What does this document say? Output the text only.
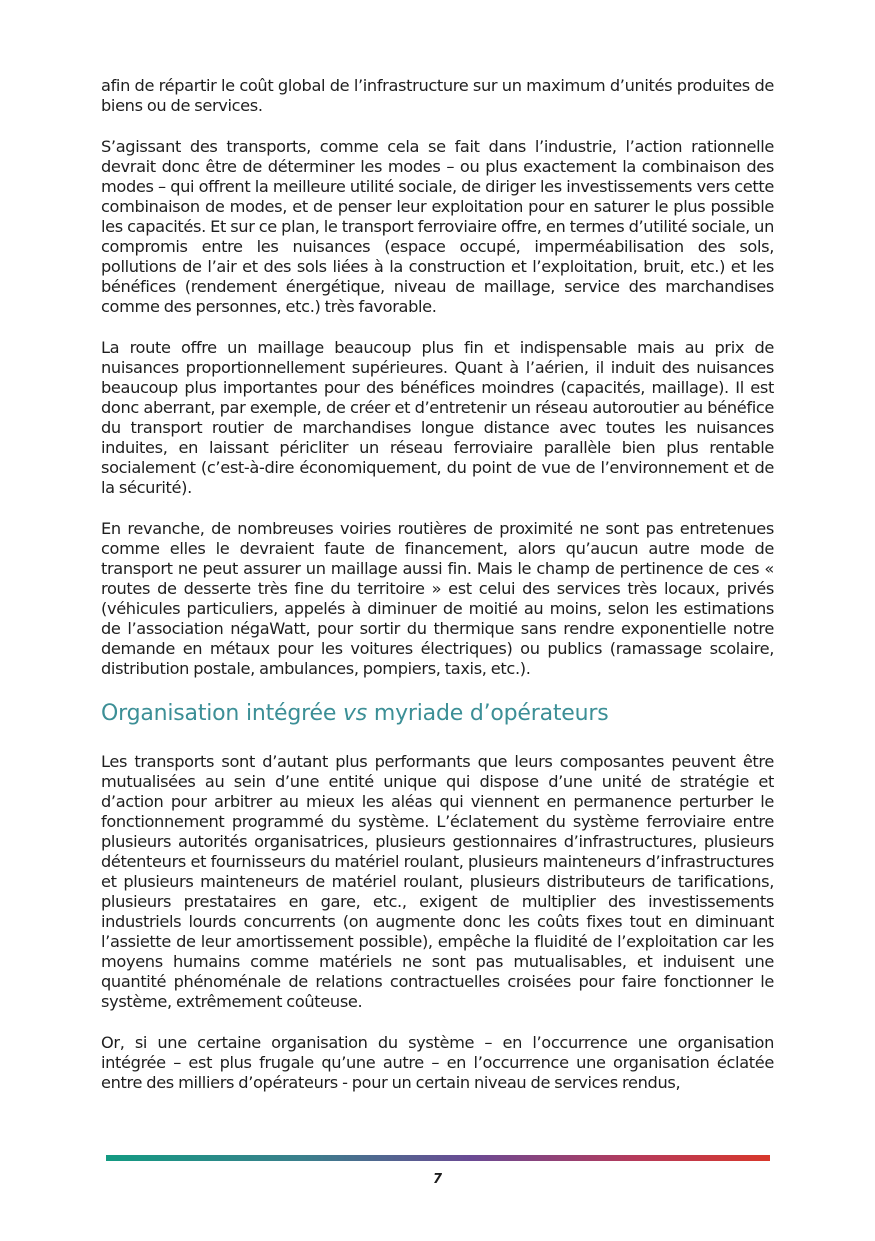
afin de répartir le coût global de l’infrastructure sur un maximum d’unités produites de biens ou de services.

S’agissant des transports, comme cela se fait dans l’industrie, l’action rationnelle devrait donc être de déterminer les modes – ou plus exactement la combinaison des modes – qui offrent la meilleure utilité sociale, de diriger les investissements vers cette combinaison de modes, et de penser leur exploitation pour en saturer le plus possible les capacités. Et sur ce plan, le transport ferroviaire offre, en termes d’utilité sociale, un compromis entre les nuisances (espace occupé, imperméabilisation des sols, pollutions de l’air et des sols liées à la construction et l’exploitation, bruit, etc.) et les bénéfices (rendement énergétique, niveau de maillage, service des marchandises comme des personnes, etc.) très favorable.

La route offre un maillage beaucoup plus fin et indispensable mais au prix de nuisances proportionnellement supérieures. Quant à l’aérien, il induit des nuisances beaucoup plus importantes pour des bénéfices moindres (capacités, maillage). Il est donc aberrant, par exemple, de créer et d’entretenir un réseau autoroutier au bénéfice du transport routier de marchandises longue distance avec toutes les nuisances induites, en laissant péricliter un réseau ferroviaire parallèle bien plus rentable socialement (c’est-à-dire économiquement, du point de vue de l’environnement et de la sécurité).

En revanche, de nombreuses voiries routières de proximité ne sont pas entretenues comme elles le devraient faute de financement, alors qu’aucun autre mode de transport ne peut assurer un maillage aussi fin. Mais le champ de pertinence de ces « routes de desserte très fine du territoire » est celui des services très locaux, privés (véhicules particuliers, appelés à diminuer de moitié au moins, selon les estimations de l’association négaWatt, pour sortir du thermique sans rendre exponentielle notre demande en métaux pour les voitures électriques) ou publics (ramassage scolaire, distribution postale, ambulances, pompiers, taxis, etc.).

Organisation intégrée vs myriade d’opérateurs

Les transports sont d’autant plus performants que leurs composantes peuvent être mutualisées au sein d’une entité unique qui dispose d’une unité de stratégie et d’action pour arbitrer au mieux les aléas qui viennent en permanence perturber le fonctionnement programmé du système. L’éclatement du système ferroviaire entre plusieurs autorités organisatrices, plusieurs gestionnaires d’infrastructures, plusieurs détenteurs et fournisseurs du matériel roulant, plusieurs mainteneurs d’infrastructures et plusieurs mainteneurs de matériel roulant, plusieurs distributeurs de tarifications, plusieurs prestataires en gare, etc., exigent de multiplier des investissements industriels lourds concurrents (on augmente donc les coûts fixes tout en diminuant l’assiette de leur amortissement possible), empêche la fluidité de l’exploitation car les moyens humains comme matériels ne sont pas mutualisables, et induisent une quantité phénoménale de relations contractuelles croisées pour faire fonctionner le système, extrêmement coûteuse.

Or, si une certaine organisation du système – en l’occurrence une organisation intégrée – est plus frugale qu’une autre – en l’occurrence une organisation éclatée entre des milliers d’opérateurs - pour un certain niveau de services rendus,

7
